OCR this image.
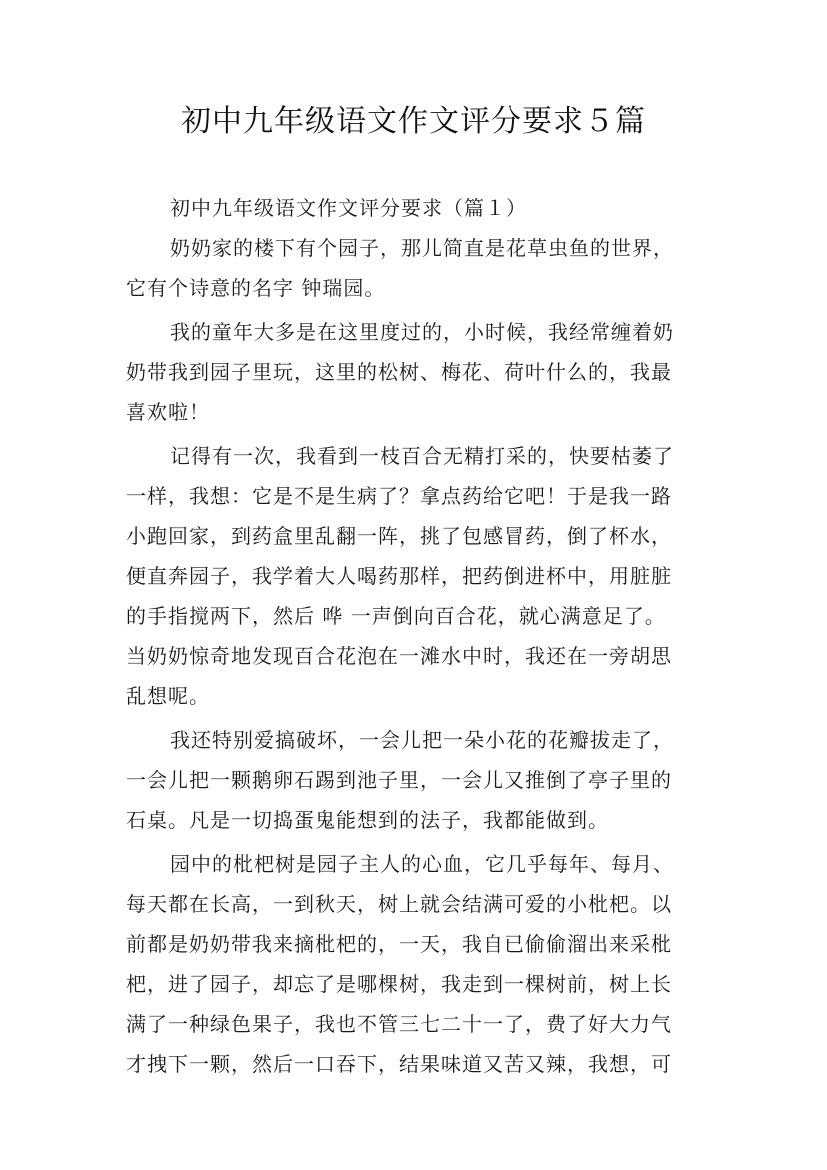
初中九年级语文作文评分要求５篇
初中九年级语文作文评分要求（篇１）
奶奶家的楼下有个园子，那儿简直是花草虫鱼的世界，
它有个诗意的名字 钟瑞园。
我的童年大多是在这里度过的，小时候，我经常缠着奶
奶带我到园子里玩，这里的松树、梅花、荷叶什么的，我最
喜欢啦！
记得有一次，我看到一枝百合无精打采的，快要枯萎了
一样，我想：它是不是生病了？拿点药给它吧！于是我一路
小跑回家，到药盒里乱翻一阵，挑了包感冒药，倒了杯水，
便直奔园子，我学着大人喝药那样，把药倒进杯中，用脏脏
的手指搅两下，然后 哗 一声倒向百合花，就心满意足了。
当奶奶惊奇地发现百合花泡在一滩水中时，我还在一旁胡思
乱想呢。
我还特别爱搞破坏，一会儿把一朵小花的花瓣拔走了，
一会儿把一颗鹅卵石踢到池子里，一会儿又推倒了亭子里的
石桌。凡是一切捣蛋鬼能想到的法子，我都能做到。
园中的枇杷树是园子主人的心血，它几乎每年、每月、
每天都在长高，一到秋天，树上就会结满可爱的小枇杷。以
前都是奶奶带我来摘枇杷的，一天，我自已偷偷溜出来采枇
杷，进了园子，却忘了是哪棵树，我走到一棵树前，树上长
满了一种绿色果子，我也不管三七二十一了，费了好大力气
才拽下一颗，然后一口吞下，结果味道又苦又辣，我想，可
